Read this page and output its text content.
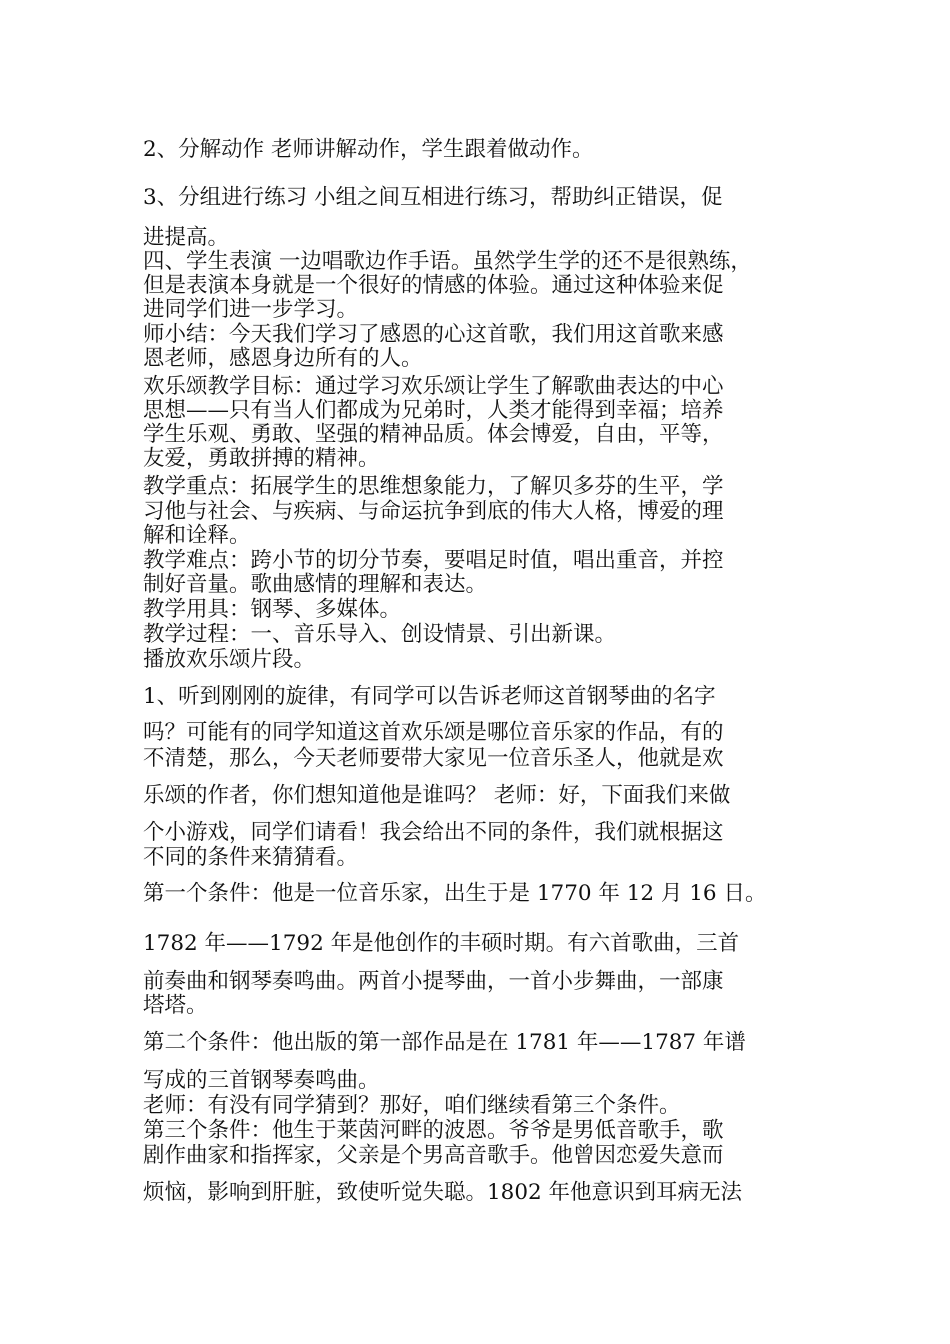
2、分解动作 老师讲解动作，学生跟着做动作。
3、分组进行练习 小组之间互相进行练习，帮助纠正错误，促
进提高。
四、学生表演 一边唱歌边作手语。虽然学生学的还不是很熟练，
但是表演本身就是一个很好的情感的体验。通过这种体验来促
进同学们进一步学习。
师小结：今天我们学习了感恩的心这首歌，我们用这首歌来感
恩老师，感恩身边所有的人。
欢乐颂教学目标：通过学习欢乐颂让学生了解歌曲表达的中心
思想——只有当人们都成为兄弟时，人类才能得到幸福；培养
学生乐观、勇敢、坚强的精神品质。体会博爱，自由，平等，
友爱，勇敢拼搏的精神。
教学重点：拓展学生的思维想象能力，了解贝多芬的生平，学
习他与社会、与疾病、与命运抗争到底的伟大人格，博爱的理
解和诠释。
教学难点：跨小节的切分节奏，要唱足时值，唱出重音，并控
制好音量。歌曲感情的理解和表达。
教学用具：钢琴、多媒体。
教学过程：一、音乐导入、创设情景、引出新课。
播放欢乐颂片段。
1、听到刚刚的旋律，有同学可以告诉老师这首钢琴曲的名字
吗？可能有的同学知道这首欢乐颂是哪位音乐家的作品，有的
不清楚，那么，今天老师要带大家见一位音乐圣人，他就是欢
乐颂的作者，你们想知道他是谁吗？ 老师：好，下面我们来做
个小游戏，同学们请看！我会给出不同的条件，我们就根据这
不同的条件来猜猜看。
第一个条件：他是一位音乐家，出生于是 1770 年 12 月 16 日。
1782 年——1792 年是他创作的丰硕时期。有六首歌曲，三首
前奏曲和钢琴奏鸣曲。两首小提琴曲，一首小步舞曲，一部康
塔塔。
第二个条件：他出版的第一部作品是在 1781 年——1787 年谱
写成的三首钢琴奏鸣曲。
老师：有没有同学猜到？那好，咱们继续看第三个条件。
第三个条件：他生于莱茵河畔的波恩。爷爷是男低音歌手，歌
剧作曲家和指挥家，父亲是个男高音歌手。他曾因恋爱失意而
烦恼，影响到肝脏，致使听觉失聪。1802 年他意识到耳病无法
